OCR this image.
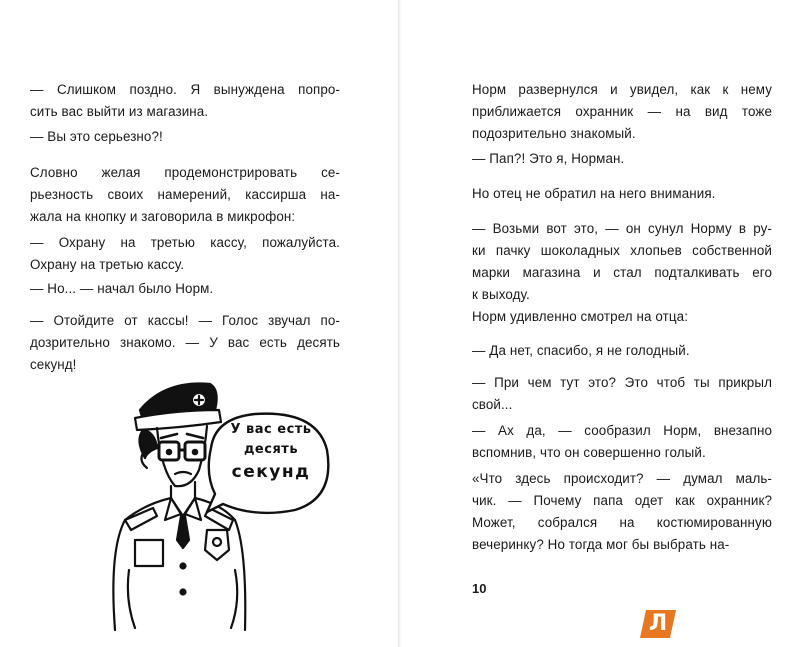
— Слишком поздно. Я вынуждена попро-
сить вас выйти из магазина.
— Вы это серьезно?!
Словно желая продемонстрировать се-
рьезность своих намерений, кассирша на-
жала на кнопку и заговорила в микрофон:
— Охрану на третью кассу, пожалуйста.
Охрану на третью кассу.
— Но... — начал было Норм.
— Отойдите от кассы! — Голос звучал по-
дозрительно знакомо. — У вас есть десять
секунд!
У вас есть
десять
секунд
Норм развернулся и увидел, как к нему
приближается охранник — на вид тоже
подозрительно знакомый.
— Пап?! Это я, Норман.
Но отец не обратил на него внимания.
— Возьми вот это, — он сунул Норму в ру-
ки пачку шоколадных хлопьев собственной
марки магазина и стал подталкивать его
к выходу.
Норм удивленно смотрел на отца:
— Да нет, спасибо, я не голодный.
— При чем тут это? Это чтоб ты прикрыл
свой...
— Ах да, — сообразил Норм, внезапно
вспомнив, что он совершенно голый.
«Что здесь происходит? — думал маль-
чик. — Почему папа одет как охранник?
Может, собрался на костюмированную
вечеринку? Но тогда мог бы выбрать на-
10
Л
